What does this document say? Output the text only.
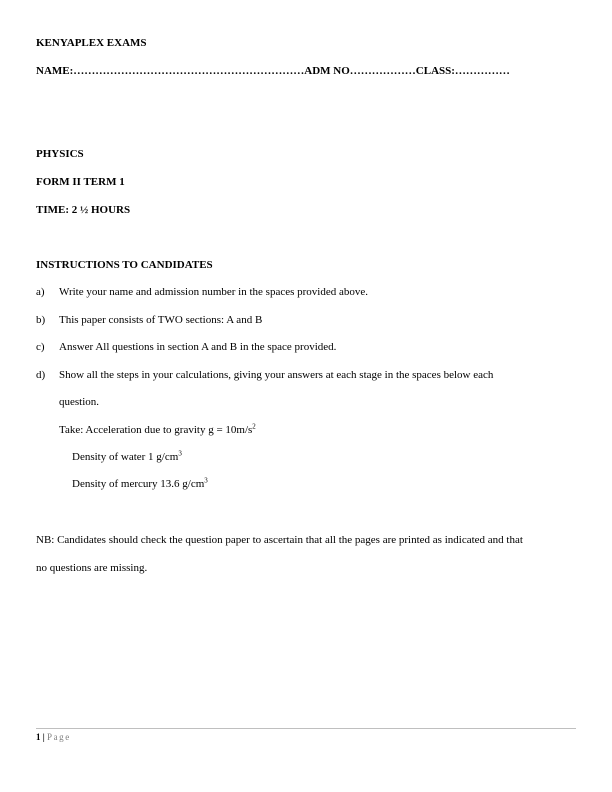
KENYAPLEX EXAMS
NAME:………………………………………………………ADM NO………………CLASS:……………
PHYSICS
FORM II TERM 1
TIME: 2 ½ HOURS
INSTRUCTIONS TO CANDIDATES
a) Write your name and admission number in the spaces provided above.
b) This paper consists of TWO sections: A and B
c) Answer All questions in section A and B in the space provided.
d) Show all the steps in your calculations, giving your answers at each stage in the spaces below each
question.
Take: Acceleration due to gravity $g = 10m/s^2$
Density of water 1 $g/cm^3$
Density of mercury 13.6 $g/cm^3$
NB: Candidates should check the question paper to ascertain that all the pages are printed as indicated and that
no questions are missing.
1 | Page
